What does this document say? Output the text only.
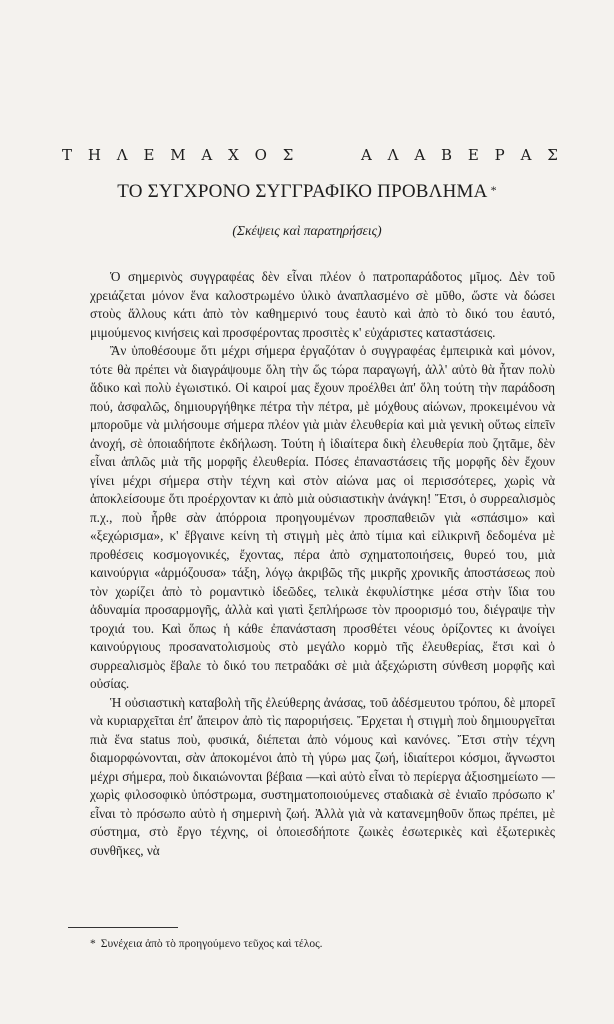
Τ Η Λ Ε Μ Α Χ Ο Σ	Α Λ Α Β Ε Ρ Α Σ
ΤΟ ΣΥΓΧΡΟΝΟ ΣΥΓΓΡΑΦΙΚΟ ΠΡΟΒΛΗΜΑ *
(Σκέψεις καὶ παρατηρήσεις)

Ὁ σημερινὸς συγγραφέας δὲν εἶναι πλέον ὁ πατροπαράδοτος μῖμος. Δὲν τοῦ χρειάζεται μόνον ἕνα καλοστρωμένο ὑλικὸ ἀναπλασμένο σὲ μῦθο, ὥστε νὰ δώσει στοὺς ἄλλους κάτι ἀπὸ τὸν καθημερινό τους ἑαυτὸ καὶ ἀπὸ τὸ δικό του ἑαυτό, μιμούμενος κινήσεις καὶ προσφέροντας προσιτὲς κ' εὐχάριστες καταστάσεις.

Ἂν ὑποθέσουμε ὅτι μέχρι σήμερα ἐργαζόταν ὁ συγγραφέας ἐμπειρικὰ καὶ μόνον, τότε θὰ πρέπει νὰ διαγράψουμε ὅλη τὴν ὥς τώρα παραγωγή, ἀλλ' αὐτὸ θὰ ἦταν πολὺ ἄδικο καὶ πολὺ ἐγωιστικό. Οἱ καιροί μας ἔχουν προέλθει ἀπ' ὅλη τούτη τὴν παράδοση πού, ἀσφαλῶς, δημιουργήθηκε πέτρα τὴν πέτρα, μὲ μόχθους αἰώνων, προκειμένου νὰ μποροῦμε νὰ μιλήσουμε σήμερα πλέον γιὰ μιὰν ἐλευθερία καὶ μιὰ γενικὴ οὕτως εἰπεῖν ἀνοχή, σὲ ὁποιαδήποτε ἐκδήλωση. Τούτη ἡ ἰδιαίτερα δικὴ ἐλευθερία ποὺ ζητᾶμε, δὲν εἶναι ἁπλῶς μιὰ τῆς μορφῆς ἐλευθερία. Πόσες ἐπαναστάσεις τῆς μορφῆς δὲν ἔχουν γίνει μέχρι σήμερα στὴν τέχνη καὶ στὸν αἰώνα μας οἱ περισσότερες, χωρὶς νὰ ἀποκλείσουμε ὅτι προέρχονταν κι ἀπὸ μιὰ οὐσιαστικὴν ἀνάγκη! Ἔτσι, ὁ συρρεαλισμὸς π.χ., ποὺ ἦρθε σὰν ἀπόρροια προηγουμένων προσπαθειῶν γιὰ «σπάσιμο» καὶ «ξεχώρισμα», κ' ἔβγαινε κείνη τὴ στιγμὴ μὲς ἀπὸ τίμια καὶ εἰλικρινῆ δεδομένα μὲ προθέσεις κοσμογονικές, ἔχοντας, πέρα ἀπὸ σχηματοποιήσεις, θυρεό του, μιὰ καινούργια «ἁρμόζουσα» τάξη, λόγῳ ἀκριβῶς τῆς μικρῆς χρονικῆς ἀποστάσεως ποὺ τὸν χωρίζει ἀπὸ τὸ ρομαντικὸ ἰδεῶδες, τελικὰ ἐκφυλίστηκε μέσα στὴν ἴδια του ἀδυναμία προσαρμογῆς, ἀλλὰ καὶ γιατὶ ξεπλήρωσε τὸν προορισμό του, διέγραψε τὴν τροχιά του. Καὶ ὅπως ἡ κάθε ἐπανάσταση προσθέτει νέους ὁρίζοντες κι ἀνοίγει καινούργιους προσανατολισμοὺς στὸ μεγάλο κορμὸ τῆς ἐλευθερίας, ἔτσι καὶ ὁ συρρεαλισμὸς ἔβαλε τὸ δικό του πετραδάκι σὲ μιὰ ἀξεχώριστη σύνθεση μορφῆς καὶ οὐσίας.

Ἡ οὐσιαστικὴ καταβολὴ τῆς ἐλεύθερης ἀνάσας, τοῦ ἀδέσμευτου τρόπου, δὲ μπορεῖ νὰ κυριαρχεῖται ἐπ' ἄπειρον ἀπὸ τὶς παροριήσεις. Ἔρχεται ἡ στιγμὴ ποὺ δημιουργεῖται πιὰ ἕνα status ποὺ, φυσικά, διέπεται ἀπὸ νόμους καὶ κανόνες. Ἔτσι στὴν τέχνη διαμορφώνονται, σὰν ἀποκομένοι ἀπὸ τὴ γύρω μας ζωή, ἰδιαίτεροι κόσμοι, ἄγνωστοι μέχρι σήμερα, ποὺ δικαιώνονται βέβαια —καὶ αὐτὸ εἶναι τὸ περίεργα ἀξιοσημείωτο — χωρὶς φιλοσοφικὸ ὑπόστρωμα, συστηματοποιούμενες σταδιακὰ σὲ ἑνιαῖο πρόσωπο κ' εἶναι τὸ πρόσωπο αὐτὸ ἡ σημερινὴ ζωή. Ἀλλὰ γιὰ νὰ κατανεμηθοῦν ὅπως πρέπει, μὲ σύστημα, στὸ ἔργο τέχνης, οἱ ὁποιεσδήποτε ζωικὲς ἐσωτερικὲς καὶ ἐξωτερικὲς συνθῆκες, νὰ

* Συνέχεια ἀπὸ τὸ προηγούμενο τεῦχος καὶ τέλος.
